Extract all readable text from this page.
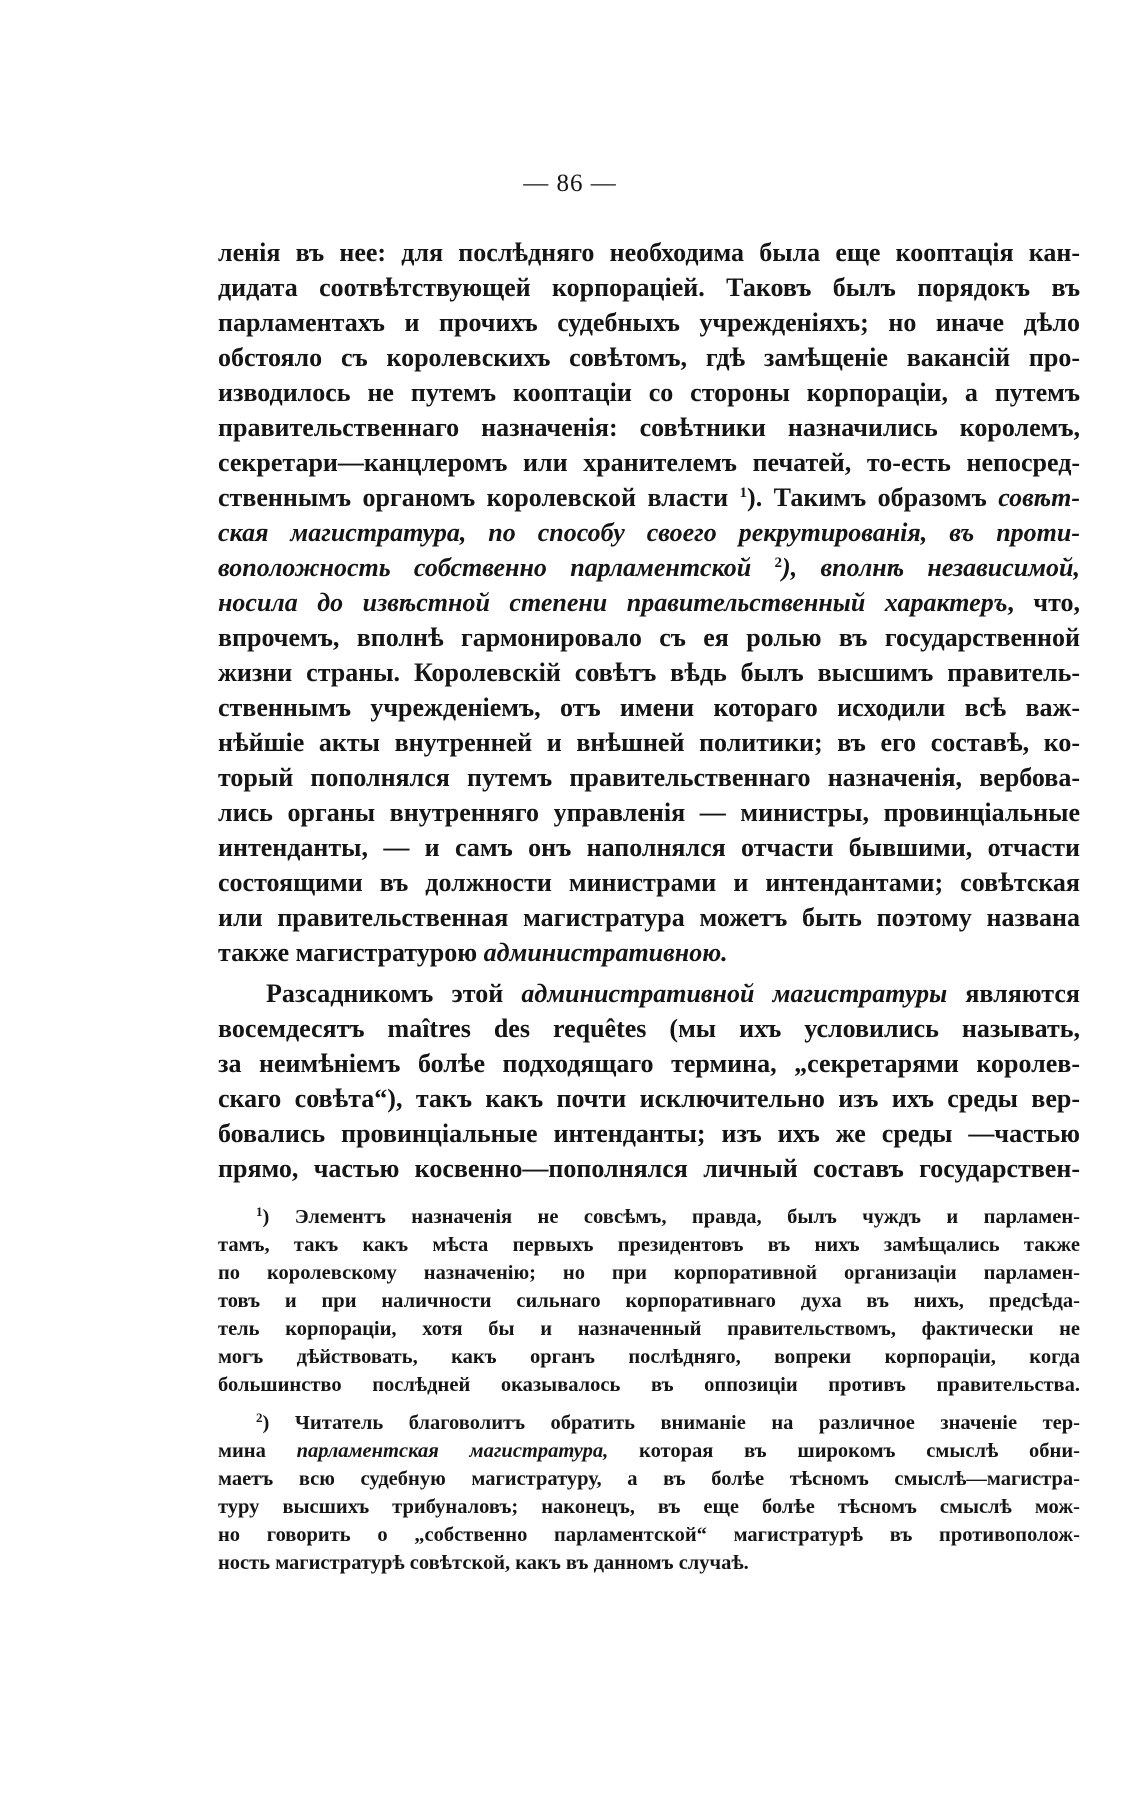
— 86 —
ленія въ нее: для послѣдняго необходима была еще кооптація кан-
дидата соотвѣтствующей корпораціей. Таковъ былъ порядокъ въ
парламентахъ и прочихъ судебныхъ учрежденіяхъ; но иначе дѣло
обстояло съ королевскихъ совѣтомъ, гдѣ замѣщеніе вакансій про-
изводилось не путемъ кооптаціи со стороны корпораціи, а путемъ
правительственнаго назначенія: совѣтники назначились королемъ,
секретари—канцлеромъ или хранителемъ печатей, то-есть непосред-
ственнымъ органомъ королевской власти $^1$). Такимъ образомъ совѣт-
ская магистратура, по способу своего рекрутированія, въ проти-
воположность собственно парламентской $^2$), вполнѣ независимой,
носила до извѣстной степени правительственный характеръ, что,
впрочемъ, вполнѣ гармонировало съ ея ролью въ государственной
жизни страны. Королевскій совѣтъ вѣдь былъ высшимъ правитель-
ственнымъ учрежденіемъ, отъ имени котораго исходили всѣ важ-
нѣйшіе акты внутренней и внѣшней политики; въ его составѣ, ко-
торый пополнялся путемъ правительственнаго назначенія, вербова-
лись органы внутренняго управленія — министры, провинціальные
интенданты, — и самъ онъ наполнялся отчасти бывшими, отчасти
состоящими въ должности министрами и интендантами; совѣтская
или правительственная магистратура можетъ быть поэтому названа
также магистратурою административною.
Разсадникомъ этой административной магистратуры являются
восемдесятъ maîtres des requêtes (мы ихъ условились называть,
за неимѣніемъ болѣе подходящаго термина, „секретарями королев-
скаго совѣта“), такъ какъ почти исключительно изъ ихъ среды вер-
бовались провинціальные интенданты; изъ ихъ же среды —частью
прямо, частью косвенно—пополнялся личный составъ государствен-
$^1$) Элементъ назначенія не совсѣмъ, правда, былъ чуждъ и парламен-
тамъ, такъ какъ мѣста первыхъ президентовъ въ нихъ замѣщались также
по королевскому назначенію; но при корпоративной организаціи парламен-
товъ и при наличности сильнаго корпоративнаго духа въ нихъ, предсѣда-
тель корпораціи, хотя бы и назначенный правительствомъ, фактически не
могъ дѣйствовать, какъ органъ послѣдняго, вопреки корпораціи, когда
большинство послѣдней оказывалось въ оппозиціи противъ правительства.
$^2$) Читатель благоволитъ обратить вниманіе на различное значеніе тер-
мина парламентская магистратура, которая въ широкомъ смыслѣ обни-
маетъ всю судебную магистратуру, а въ болѣе тѣсномъ смыслѣ—магистра-
туру высшихъ трибуналовъ; наконецъ, въ еще болѣе тѣсномъ смыслѣ мож-
но говорить о „собственно парламентской“ магистратурѣ въ противополож-
ность магистратурѣ совѣтской, какъ въ данномъ случаѣ.
